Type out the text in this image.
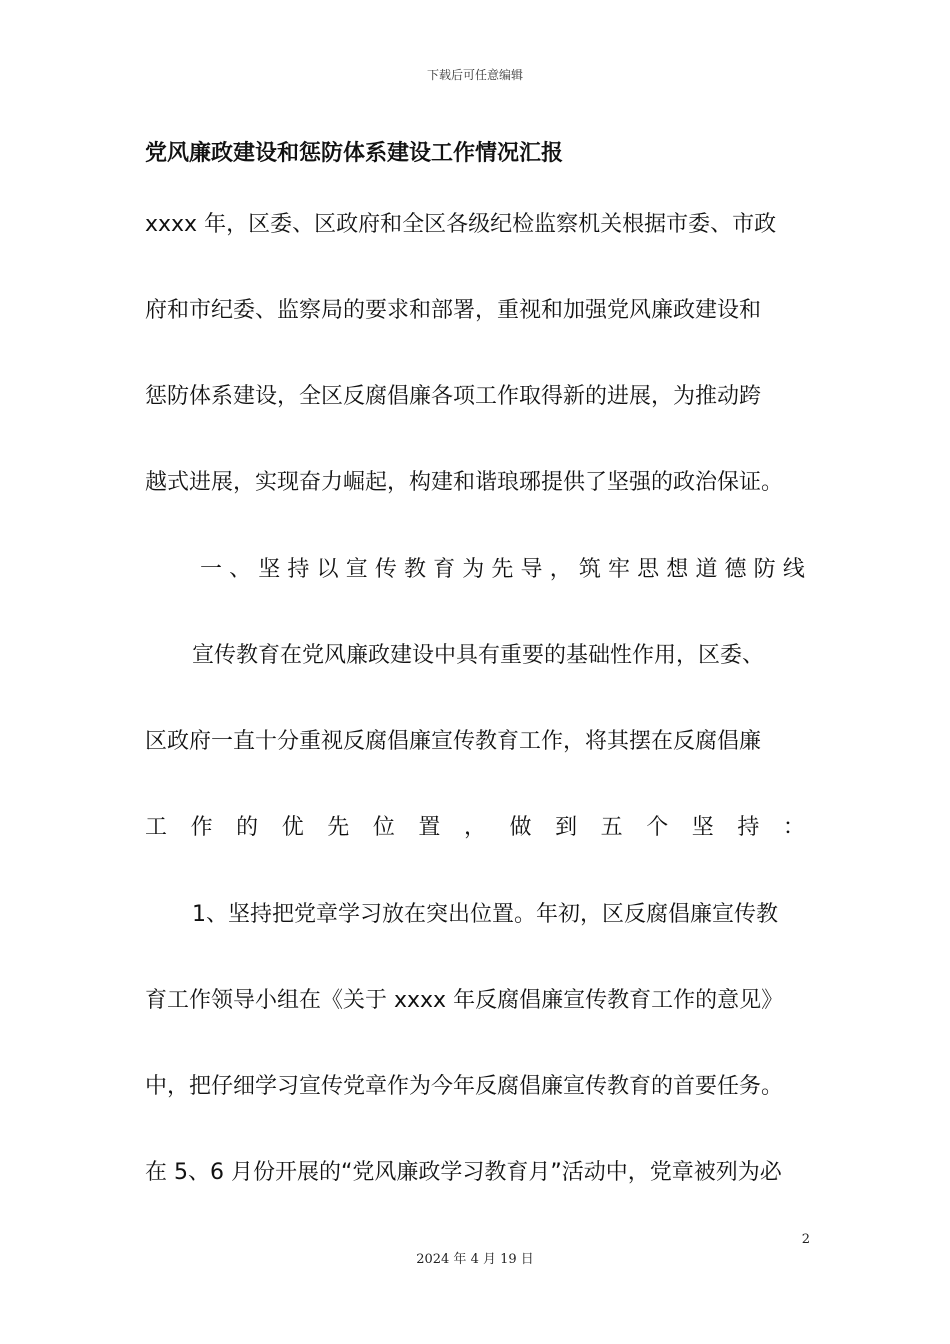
下载后可任意编辑
党风廉政建设和惩防体系建设工作情况汇报
xxxx 年，区委、区政府和全区各级纪检监察机关根据市委、市政
府和市纪委、监察局的要求和部署，重视和加强党风廉政建设和
惩防体系建设，全区反腐倡廉各项工作取得新的进展，为推动跨
越式进展，实现奋力崛起，构建和谐琅琊提供了坚强的政治保证。
一 、 坚 持 以 宣 传 教 育 为 先 导 ， 筑 牢 思 想 道 德 防 线
宣传教育在党风廉政建设中具有重要的基础性作用，区委、
区政府一直十分重视反腐倡廉宣传教育工作，将其摆在反腐倡廉
工 作 的 优 先 位 置 ， 做 到 五 个 坚 持 ：
1、坚持把党章学习放在突出位置。年初，区反腐倡廉宣传教
育工作领导小组在《关于 xxxx 年反腐倡廉宣传教育工作的意见》
中，把仔细学习宣传党章作为今年反腐倡廉宣传教育的首要任务。
在 5、6 月份开展的“党风廉政学习教育月”活动中，党章被列为必
2
2024 年 4 月 19 日
